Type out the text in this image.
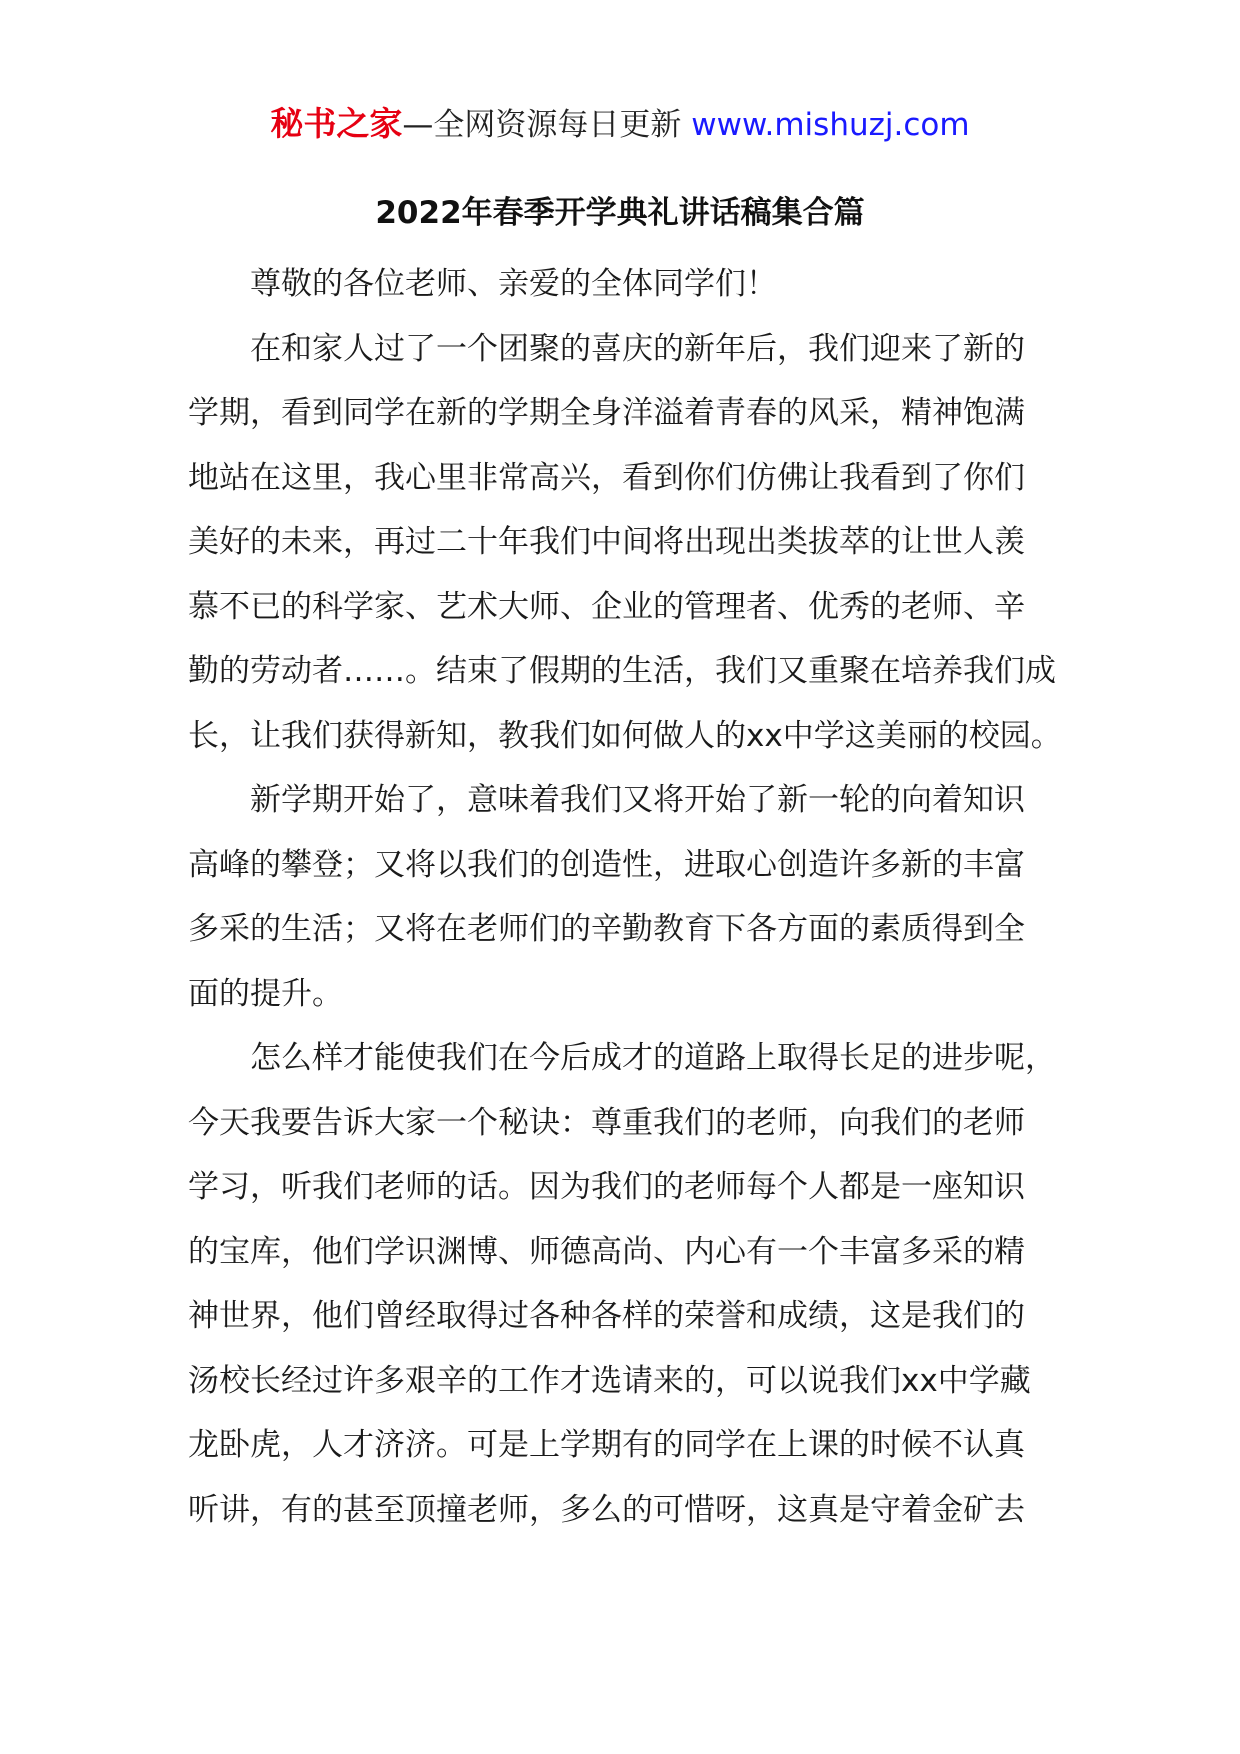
秘书之家—全网资源每日更新 www.mishuzj.com
2022年春季开学典礼讲话稿集合篇
尊敬的各位老师、亲爱的全体同学们！
在和家人过了一个团聚的喜庆的新年后，我们迎来了新的
学期，看到同学在新的学期全身洋溢着青春的风采，精神饱满
地站在这里，我心里非常高兴，看到你们仿佛让我看到了你们
美好的未来，再过二十年我们中间将出现出类拔萃的让世人羡
慕不已的科学家、艺术大师、企业的管理者、优秀的老师、辛
勤的劳动者……。结束了假期的生活，我们又重聚在培养我们成
长，让我们获得新知，教我们如何做人的xx中学这美丽的校园。
新学期开始了，意味着我们又将开始了新一轮的向着知识
高峰的攀登；又将以我们的创造性，进取心创造许多新的丰富
多采的生活；又将在老师们的辛勤教育下各方面的素质得到全
面的提升。
怎么样才能使我们在今后成才的道路上取得长足的进步呢，
今天我要告诉大家一个秘诀：尊重我们的老师，向我们的老师
学习，听我们老师的话。因为我们的老师每个人都是一座知识
的宝库，他们学识渊博、师德高尚、内心有一个丰富多采的精
神世界，他们曾经取得过各种各样的荣誉和成绩，这是我们的
汤校长经过许多艰辛的工作才选请来的，可以说我们xx中学藏
龙卧虎，人才济济。可是上学期有的同学在上课的时候不认真
听讲，有的甚至顶撞老师，多么的可惜呀，这真是守着金矿去
